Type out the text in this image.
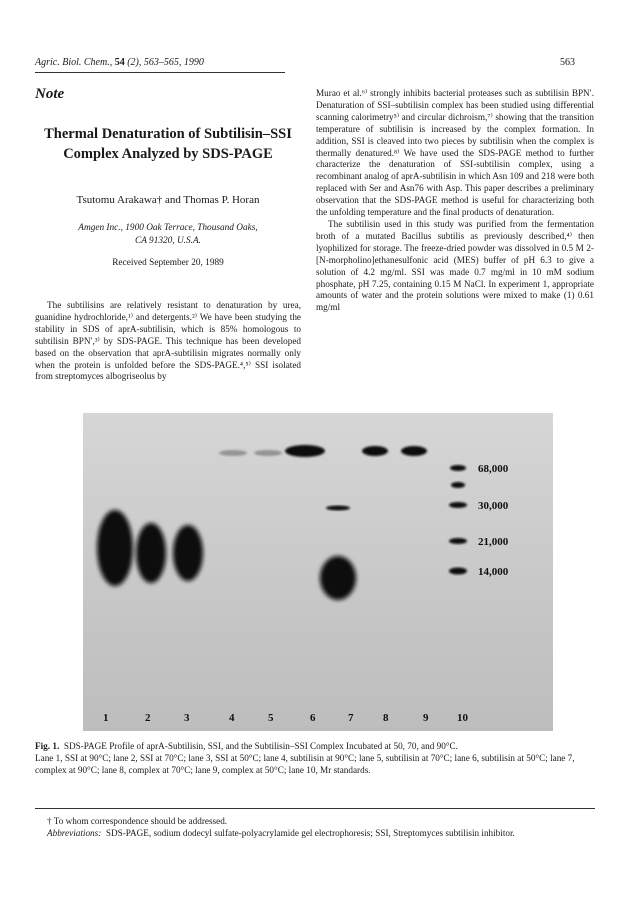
Agric. Biol. Chem., 54 (2), 563–565, 1990	563
Note
Thermal Denaturation of Subtilisin–SSI Complex Analyzed by SDS-PAGE
Tsutomu Arakawa† and Thomas P. Horan
Amgen Inc., 1900 Oak Terrace, Thousand Oaks,
CA 91320, U.S.A.
Received September 20, 1989

The subtilisins are relatively resistant to denaturation by urea, guanidine hydrochloride,¹⁾ and detergents.²⁾ We have been studying the stability in SDS of aprA-subtilisin, which is 85% homologous to subtilisin BPN′,³⁾ by SDS-PAGE. This technique has been developed based on the observation that aprA-subtilisin migrates normally only when the protein is unfolded before the SDS-PAGE.⁴,⁵⁾ SSI isolated from streptomyces albogriseolus by

Murao et al.⁶⁾ strongly inhibits bacterial proteases such as subtilisin BPN′. Denaturation of SSI–subtilisin complex has been studied using differential scanning calorimetry⁵⁾ and circular dichroism,⁷⁾ showing that the transition temperature of subtilisin is increased by the complex formation. In addition, SSI is cleaved into two pieces by subtilisin when the complex is thermally denatured.⁸⁾ We have used the SDS-PAGE method to further characterize the denaturation of SSI-subtilisin complex, using a recombinant analog of aprA-subtilisin in which Asn 109 and 218 were both replaced with Ser and Asn76 with Asp. This paper describes a preliminary observation that the SDS-PAGE method is useful for characterizing both the unfolding temperature and the final products of denaturation.

The subtilisin used in this study was purified from the fermentation broth of a mutated Bacillus subtilis as previously described,⁴⁾ then lyophilized for storage. The freeze-dried powder was dissolved in 0.5 M 2-[N-morpholino]ethanesulfonic acid (MES) buffer of pH 6.3 to give a solution of 4.2 mg/ml. SSI was made 0.7 mg/ml in 10 mM sodium phosphate, pH 7.25, containing 0.15 M NaCl. In experiment 1, appropriate amounts of water and the protein solutions were mixed to make (1) 0.61 mg/ml

68,000
30,000
21,000
14,000
1	2	3	4	5	6	7	8	9	10

Fig. 1. SDS-PAGE Profile of aprA-Subtilisin, SSI, and the Subtilisin–SSI Complex Incubated at 50, 70, and 90°C.

Lane 1, SSI at 90°C; lane 2, SSI at 70°C; lane 3, SSI at 50°C; lane 4, subtilisin at 90°C; lane 5, subtilisin at 70°C; lane 6, subtilisin at 50°C; lane 7, complex at 90°C; lane 8, complex at 70°C; lane 9, complex at 50°C; lane 10, Mr standards.

† To whom correspondence should be addressed.

Abbreviations: SDS-PAGE, sodium dodecyl sulfate-polyacrylamide gel electrophoresis; SSI, Streptomyces subtilisin inhibitor.
